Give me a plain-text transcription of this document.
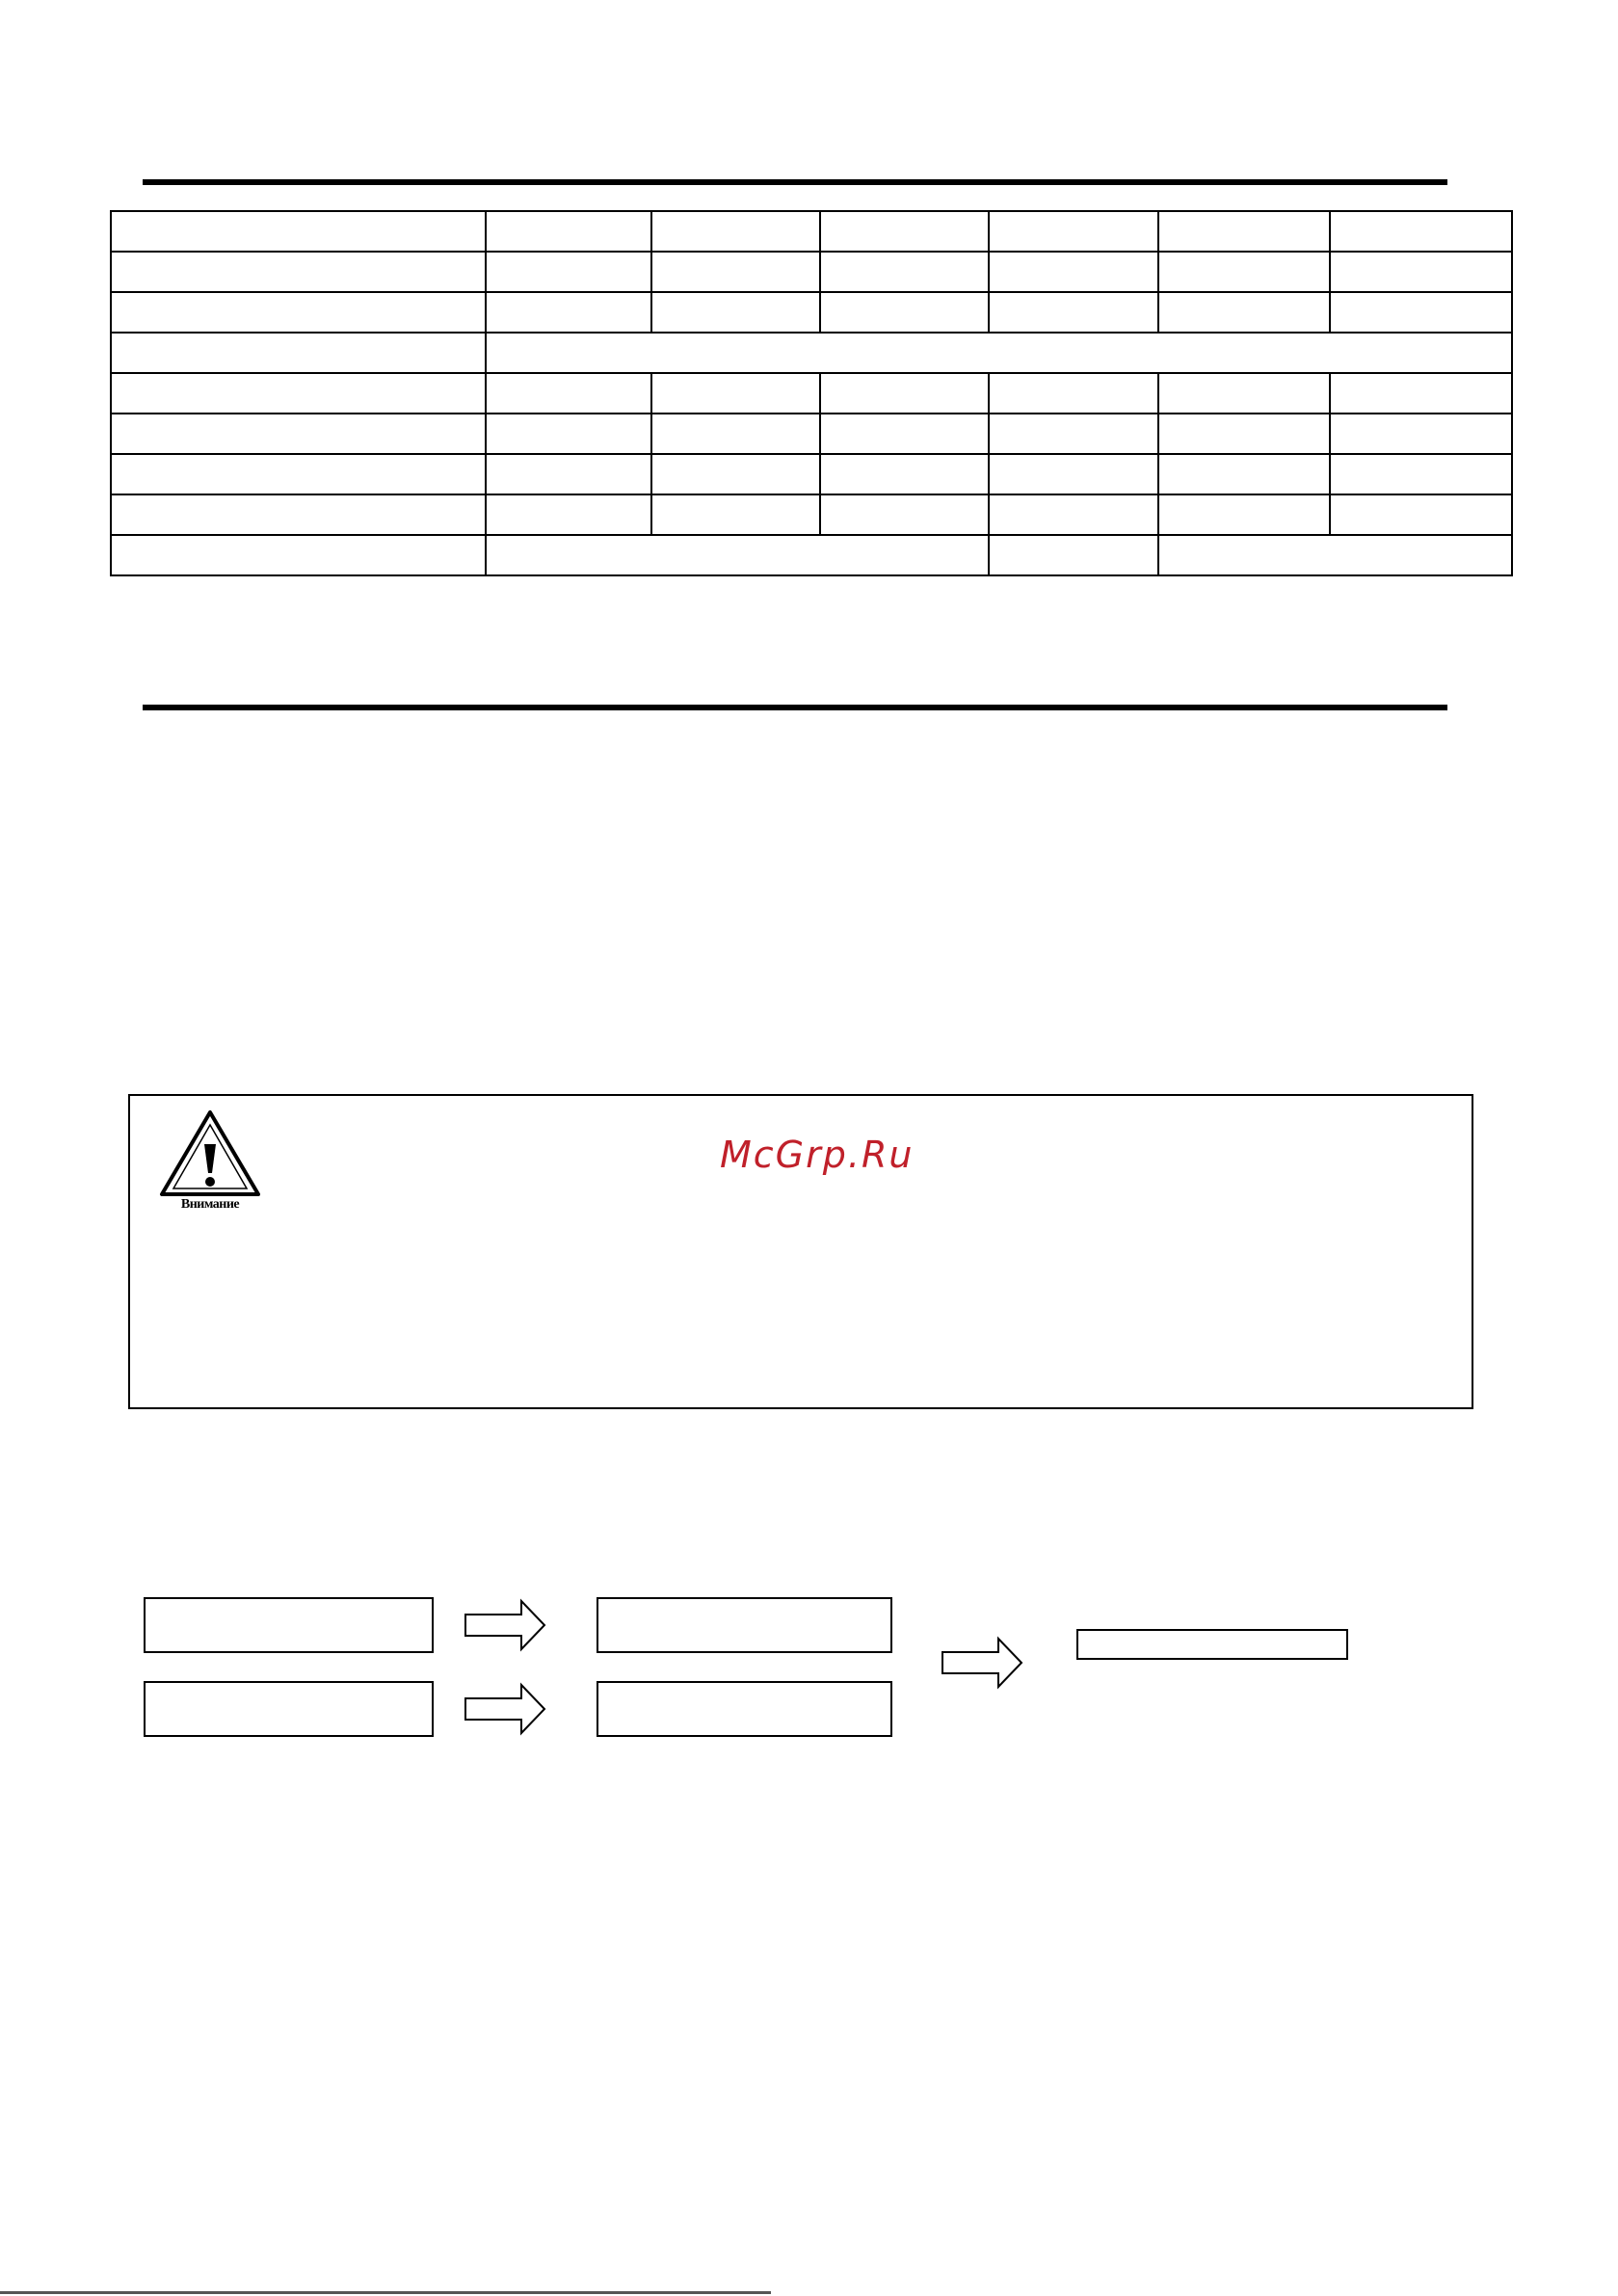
Внимание
McGrp.Ru
